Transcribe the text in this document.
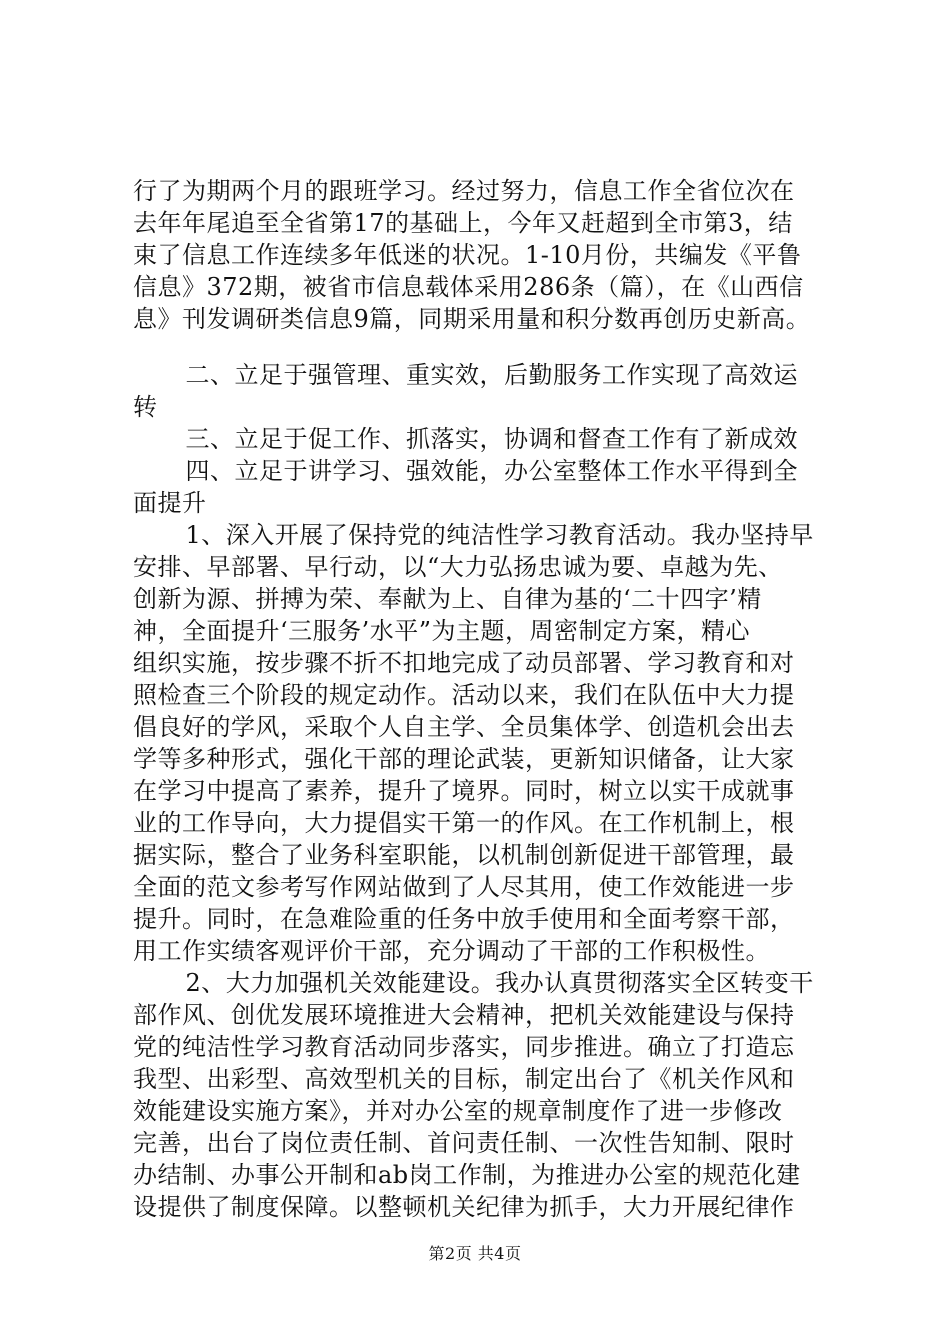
行了为期两个月的跟班学习。经过努力，信息工作全省位次在
去年年尾追至全省第17的基础上，今年又赶超到全市第3，结
束了信息工作连续多年低迷的状况。1-10月份，共编发《平鲁
信息》372期，被省市信息载体采用286条（篇），在《山西信
息》刊发调研类信息9篇，同期采用量和积分数再创历史新高。
　二、立足于强管理、重实效，后勤服务工作实现了高效运
转
　三、立足于促工作、抓落实，协调和督查工作有了新成效
　四、立足于讲学习、强效能，办公室整体工作水平得到全
面提升
　1、深入开展了保持党的纯洁性学习教育活动。我办坚持早
安排、早部署、早行动，以“大力弘扬忠诚为要、卓越为先、
创新为源、拼搏为荣、奉献为上、自律为基的‘二十四字’精
神，全面提升‘三服务’水平”为主题，周密制定方案，精心
组织实施，按步骤不折不扣地完成了动员部署、学习教育和对
照检查三个阶段的规定动作。活动以来，我们在队伍中大力提
倡良好的学风，采取个人自主学、全员集体学、创造机会出去
学等多种形式，强化干部的理论武装，更新知识储备，让大家
在学习中提高了素养，提升了境界。同时，树立以实干成就事
业的工作导向，大力提倡实干第一的作风。在工作机制上，根
据实际，整合了业务科室职能，以机制创新促进干部管理，最
全面的范文参考写作网站做到了人尽其用，使工作效能进一步
提升。同时，在急难险重的任务中放手使用和全面考察干部，
用工作实绩客观评价干部，充分调动了干部的工作积极性。
　2、大力加强机关效能建设。我办认真贯彻落实全区转变干
部作风、创优发展环境推进大会精神，把机关效能建设与保持
党的纯洁性学习教育活动同步落实，同步推进。确立了打造忘
我型、出彩型、高效型机关的目标，制定出台了《机关作风和
效能建设实施方案》，并对办公室的规章制度作了进一步修改
完善，出台了岗位责任制、首问责任制、一次性告知制、限时
办结制、办事公开制和ab岗工作制，为推进办公室的规范化建
设提供了制度保障。以整顿机关纪律为抓手，大力开展纪律作
第2页 共4页
